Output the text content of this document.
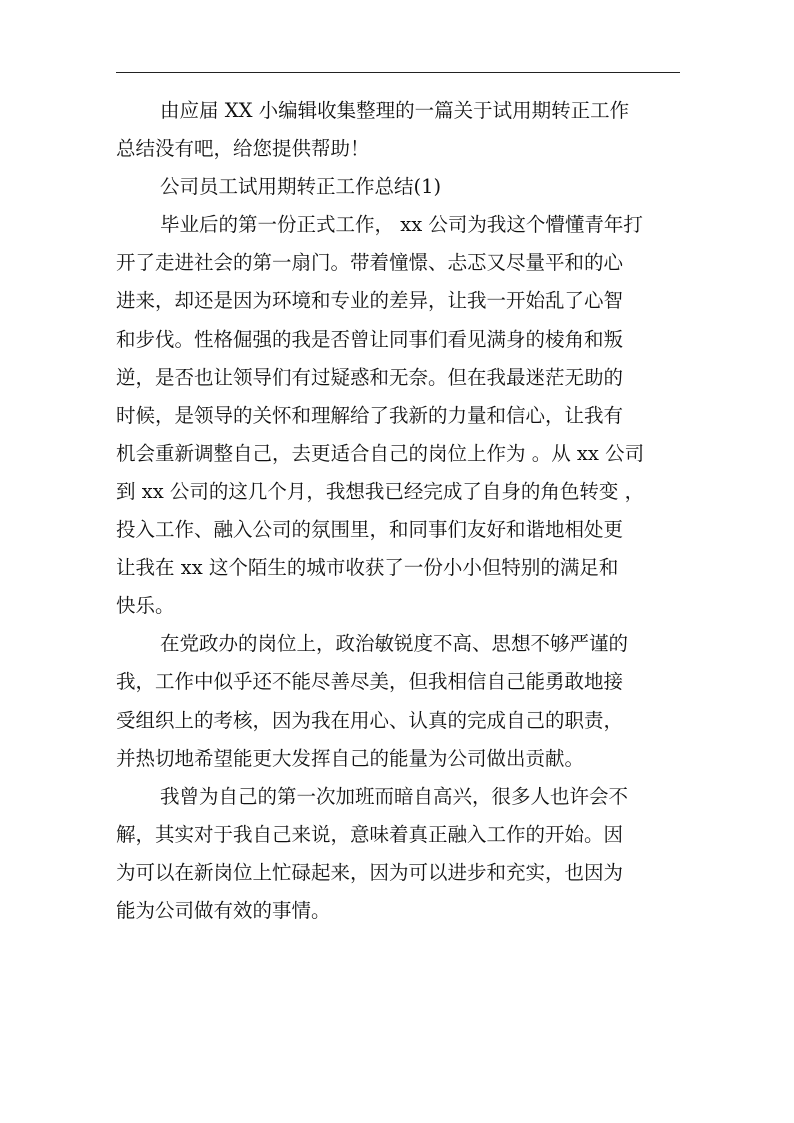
由应届 XX 小编辑收集整理的一篇关于试用期转正工作
总结没有吧，给您提供帮助！
公司员工试用期转正工作总结(1)
毕业后的第一份正式工作， xx 公司为我这个懵懂青年打
开了走进社会的第一扇门。带着憧憬、忐忑又尽量平和的心
进来，却还是因为环境和专业的差异，让我一开始乱了心智
和步伐。性格倔强的我是否曾让同事们看见满身的棱角和叛
逆，是否也让领导们有过疑惑和无奈。但在我最迷茫无助的
时候，是领导的关怀和理解给了我新的力量和信心，让我有
机会重新调整自己，去更适合自己的岗位上作为 。从 xx 公司
到 xx 公司的这几个月，我想我已经完成了自身的角色转变 ，
投入工作、融入公司的氛围里，和同事们友好和谐地相处更
让我在 xx 这个陌生的城市收获了一份小小但特别的满足和
快乐。
在党政办的岗位上，政治敏锐度不高、思想不够严谨的
我，工作中似乎还不能尽善尽美，但我相信自己能勇敢地接
受组织上的考核，因为我在用心、认真的完成自己的职责，
并热切地希望能更大发挥自己的能量为公司做出贡献。
我曾为自己的第一次加班而暗自高兴，很多人也许会不
解，其实对于我自己来说，意味着真正融入工作的开始。因
为可以在新岗位上忙碌起来，因为可以进步和充实，也因为
能为公司做有效的事情。
